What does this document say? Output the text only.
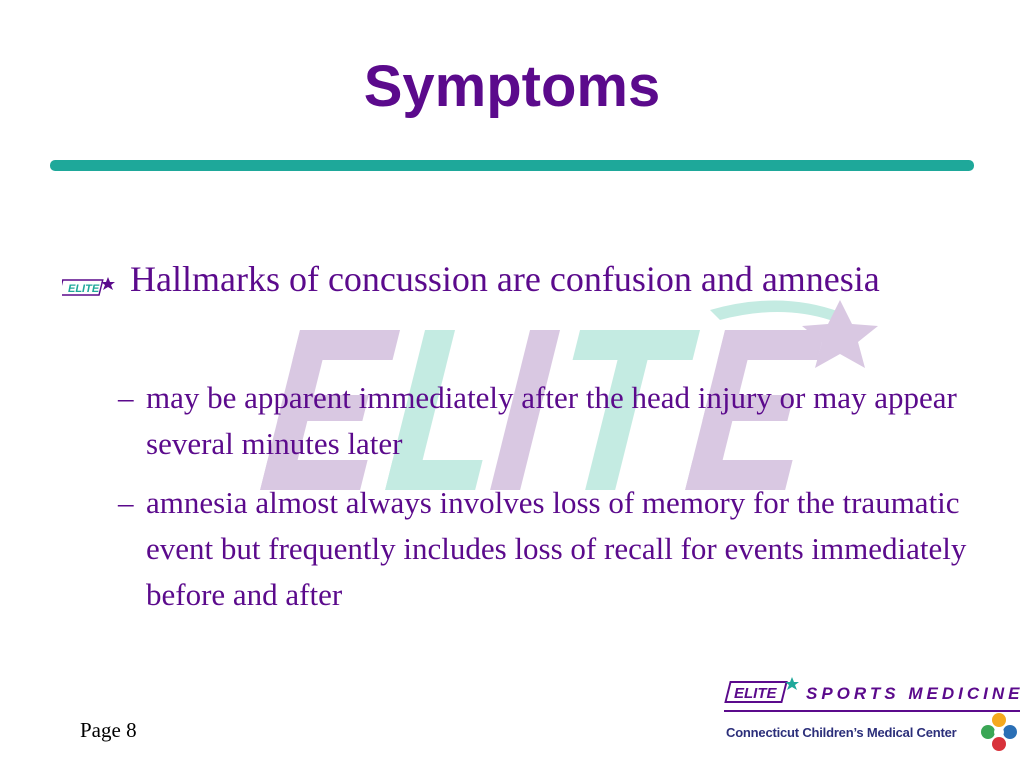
Symptoms
ELITE Hallmarks of concussion are confusion and amnesia
– may be apparent immediately after the head injury or may appear several minutes later
– amnesia almost always involves loss of memory for the traumatic event but frequently includes loss of recall for events immediately before and after
Page 8
ELITE SPORTS MEDICINE
Connecticut Children’s Medical Center
